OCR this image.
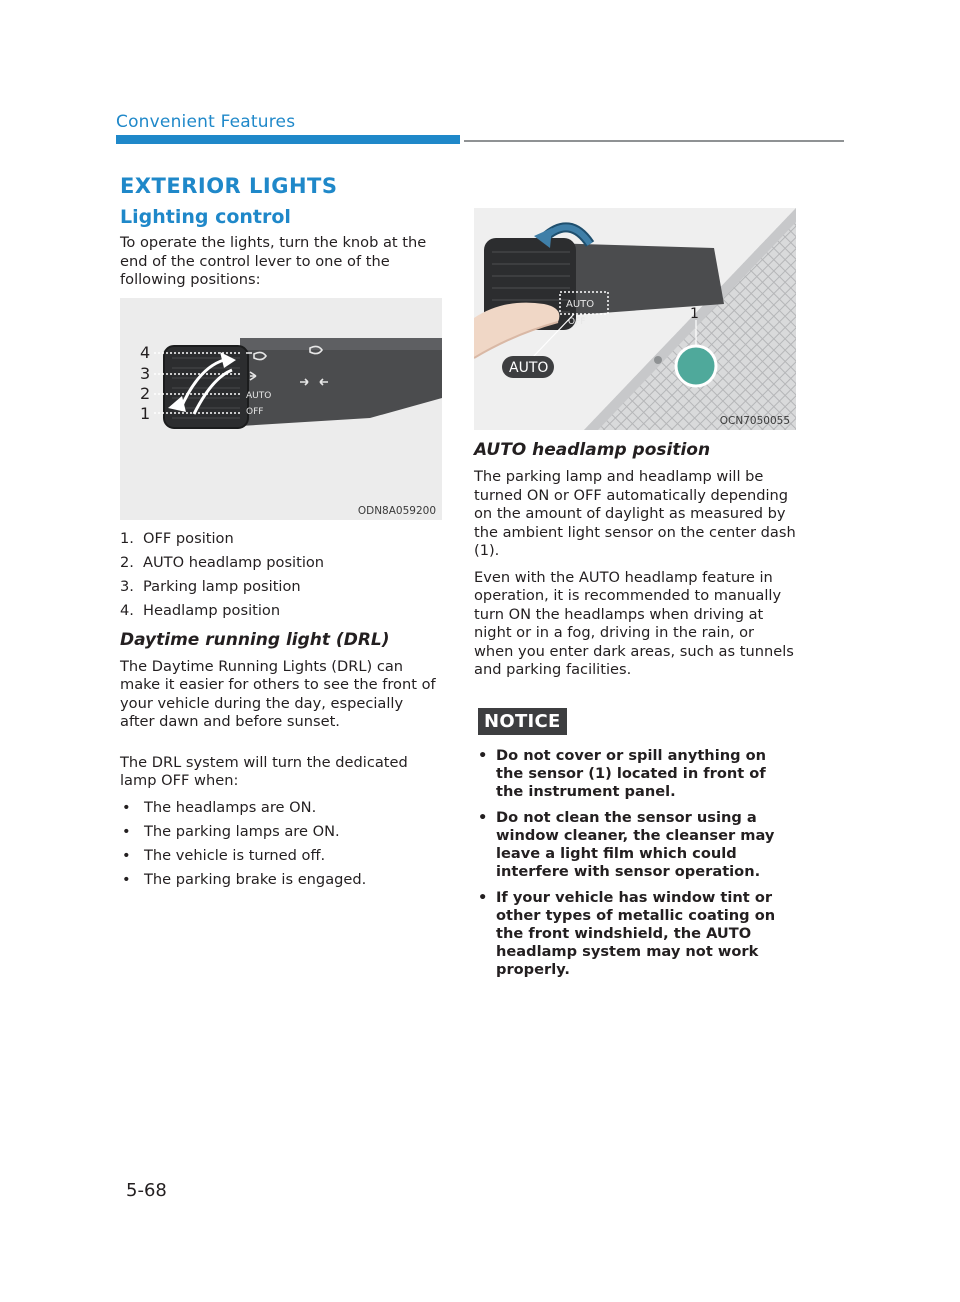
Convenient Features
EXTERIOR LIGHTS
Lighting control

To operate the lights, turn the knob at the end of the control lever to one of the following positions:

AUTO
OFF
4
3
2
1
ODN8A059200
1. OFF position
2. AUTO headlamp position
3. Parking lamp position
4. Headlamp position
Daytime running light (DRL)

The Daytime Running Lights (DRL) can make it easier for others to see the front of your vehicle during the day, especially after dawn and before sunset.

The DRL system will turn the dedicated lamp OFF when:

• The headlamps are ON.
• The parking lamps are ON.
• The vehicle is turned off.
• The parking brake is engaged.
AUTO
OFF
AUTO
1
OCN7050055
AUTO headlamp position

The parking lamp and headlamp will be turned ON or OFF automatically depending on the amount of daylight as measured by the ambient light sensor on the center dash (1).

Even with the AUTO headlamp feature in operation, it is recommended to manually turn ON the headlamps when driving at night or in a fog, driving in the rain, or when you enter dark areas, such as tunnels and parking facilities.

NOTICE
• Do not cover or spill anything on the sensor (1) located in front of the instrument panel.
• Do not clean the sensor using a window cleaner, the cleanser may leave a light film which could interfere with sensor operation.
• If your vehicle has window tint or other types of metallic coating on the front windshield, the AUTO headlamp system may not work properly.
5-68
